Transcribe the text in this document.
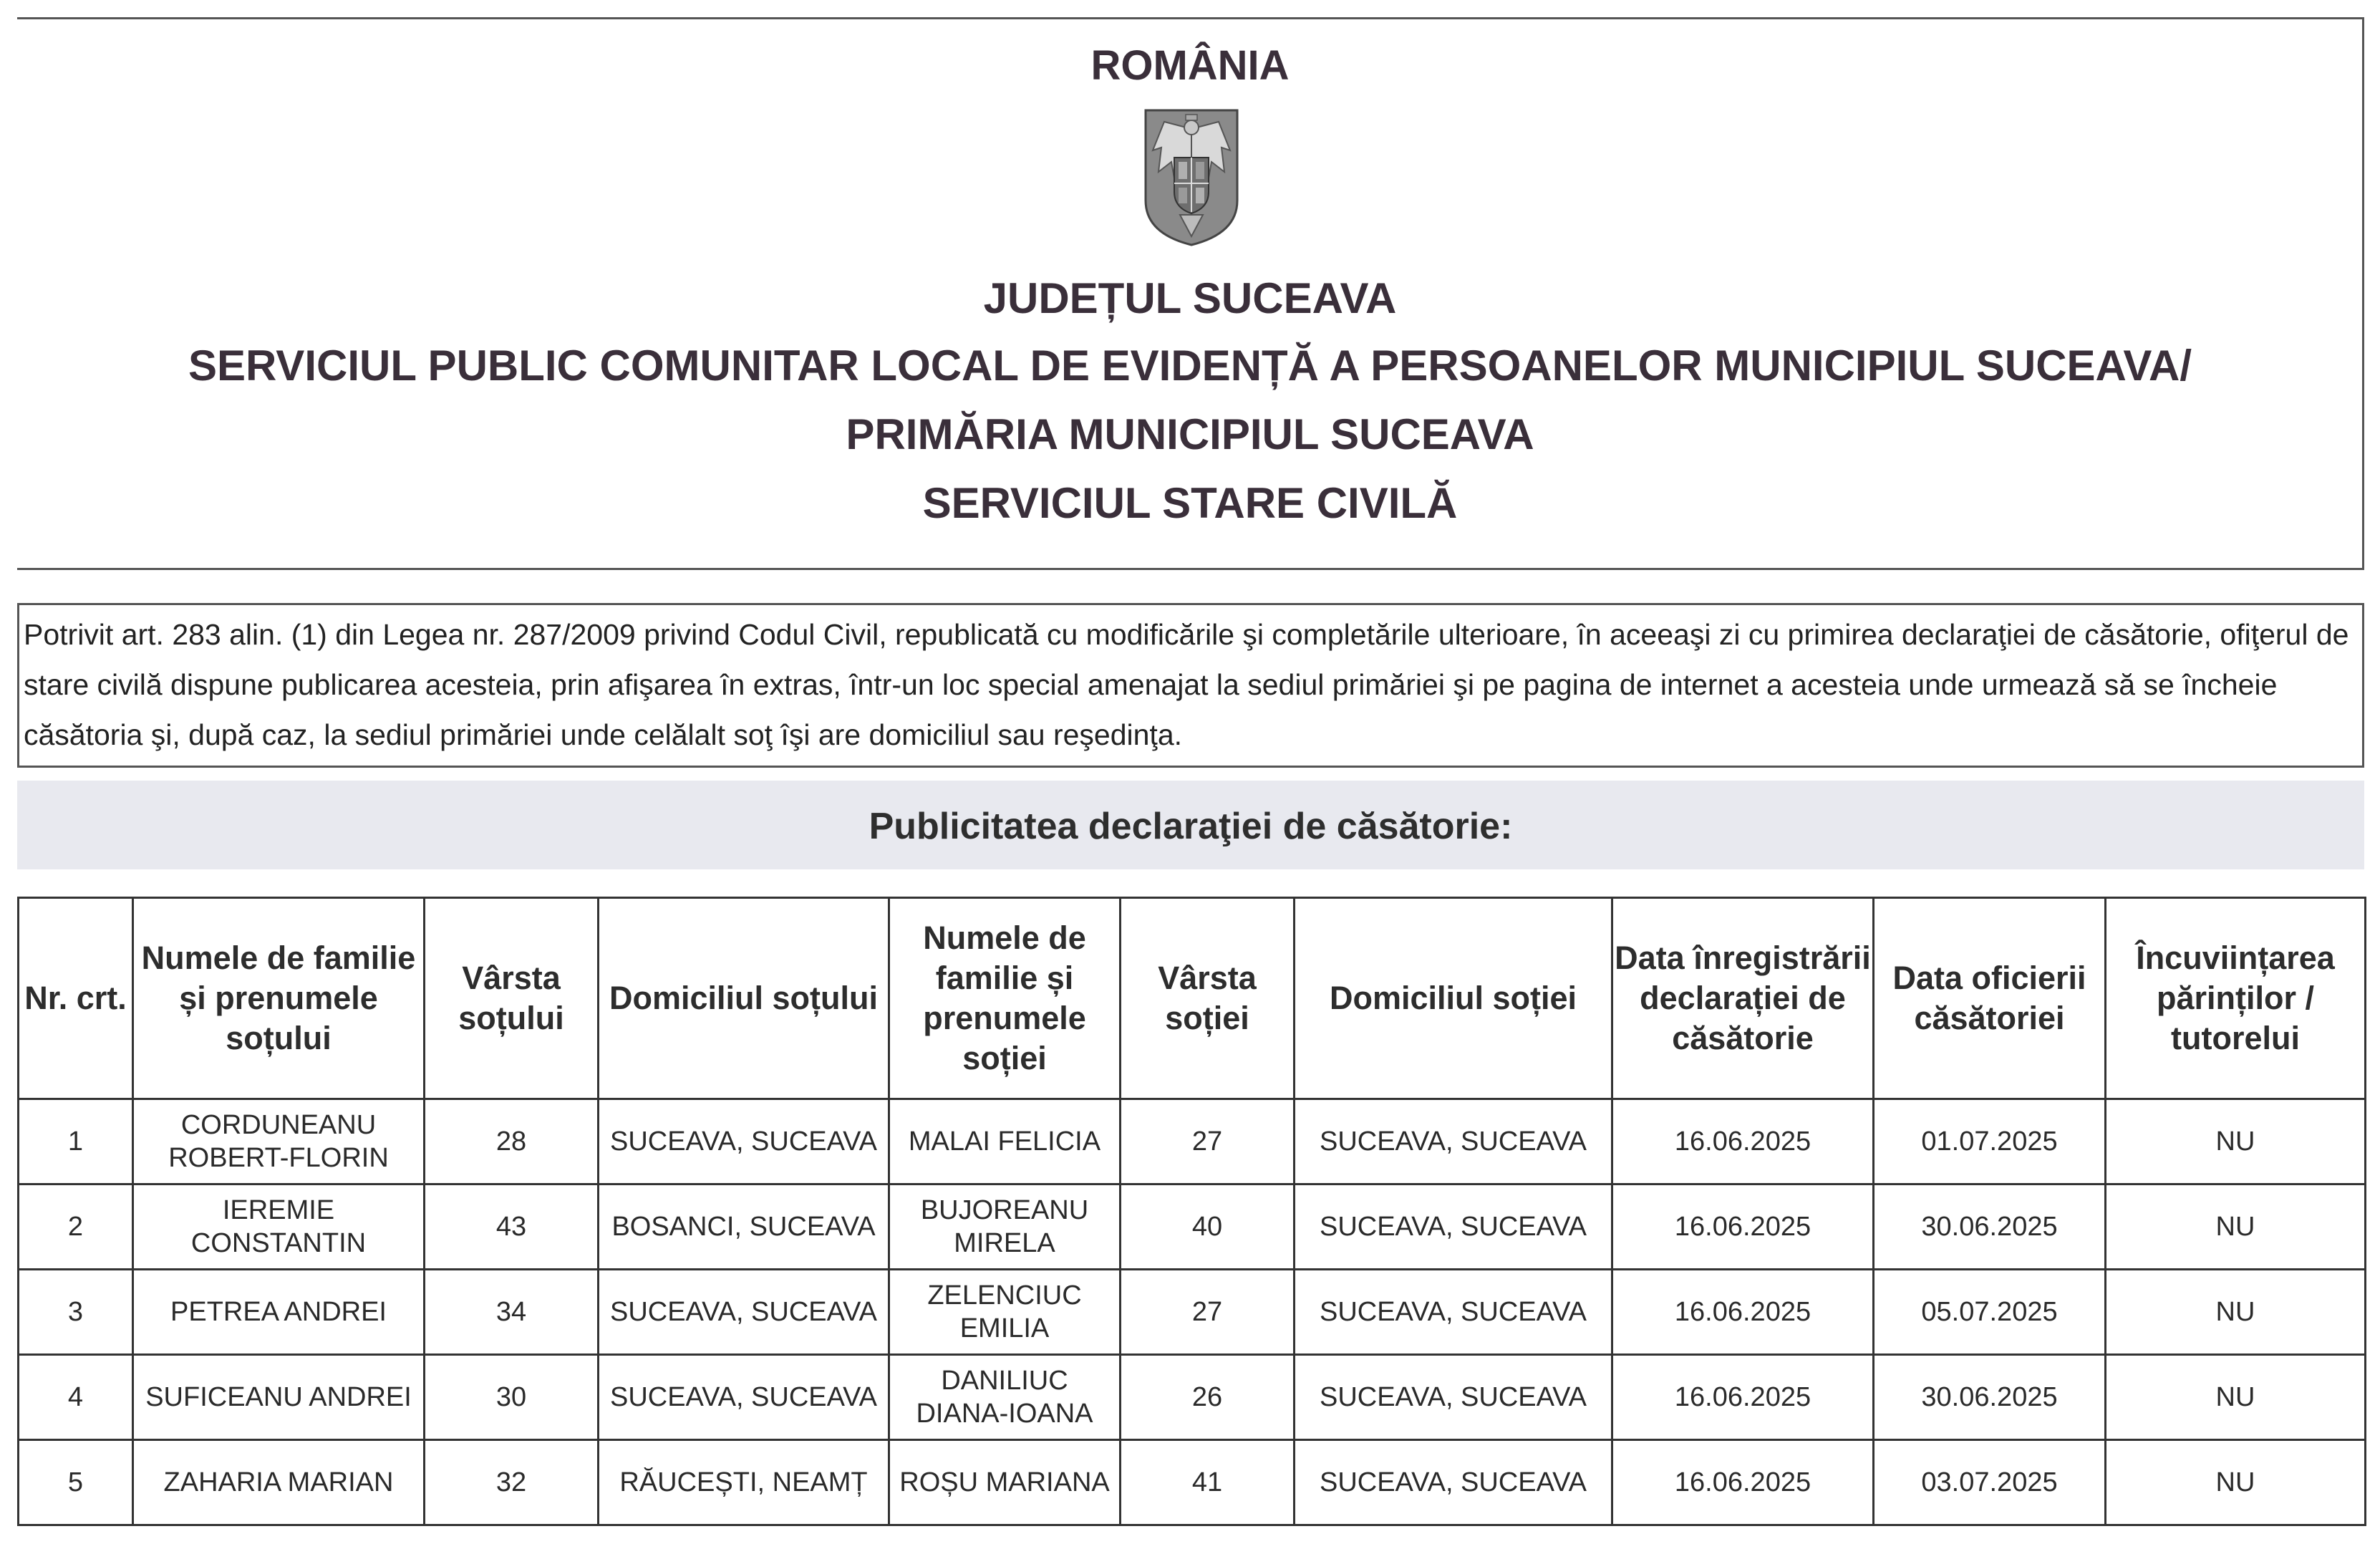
ROMÂNIA
JUDEȚUL SUCEAVA
SERVICIUL PUBLIC COMUNITAR LOCAL DE EVIDENȚĂ A PERSOANELOR MUNICIPIUL SUCEAVA/
PRIMĂRIA MUNICIPIUL SUCEAVA
SERVICIUL STARE CIVILĂ
Potrivit art. 283 alin. (1) din Legea nr. 287/2009 privind Codul Civil, republicată cu modificările şi completările ulterioare, în aceeaşi zi cu primirea declaraţiei de căsătorie, ofiţerul de stare civilă dispune publicarea acesteia, prin afişarea în extras, într-un loc special amenajat la sediul primăriei şi pe pagina de internet a acesteia unde urmează să se încheie căsătoria şi, după caz, la sediul primăriei unde celălalt soţ îşi are domiciliul sau reşedinţa.
Publicitatea declaraţiei de căsătorie:
Nr. crt.	Numele de familie și prenumele soțului	Vârsta soțului	Domiciliul soțului	Numele de familie și prenumele soției	Vârsta soției	Domiciliul soției	Data înregistrării declarației de căsătorie	Data oficierii căsătoriei	Încuviințarea părinților / tutorelui
1	CORDUNEANU ROBERT-FLORIN	28	SUCEAVA, SUCEAVA	MALAI FELICIA	27	SUCEAVA, SUCEAVA	16.06.2025	01.07.2025	NU
2	IEREMIE CONSTANTIN	43	BOSANCI, SUCEAVA	BUJOREANU MIRELA	40	SUCEAVA, SUCEAVA	16.06.2025	30.06.2025	NU
3	PETREA ANDREI	34	SUCEAVA, SUCEAVA	ZELENCIUC EMILIA	27	SUCEAVA, SUCEAVA	16.06.2025	05.07.2025	NU
4	SUFICEANU ANDREI	30	SUCEAVA, SUCEAVA	DANILIUC DIANA-IOANA	26	SUCEAVA, SUCEAVA	16.06.2025	30.06.2025	NU
5	ZAHARIA MARIAN	32	RĂUCEȘTI, NEAMȚ	ROȘU MARIANA	41	SUCEAVA, SUCEAVA	16.06.2025	03.07.2025	NU
